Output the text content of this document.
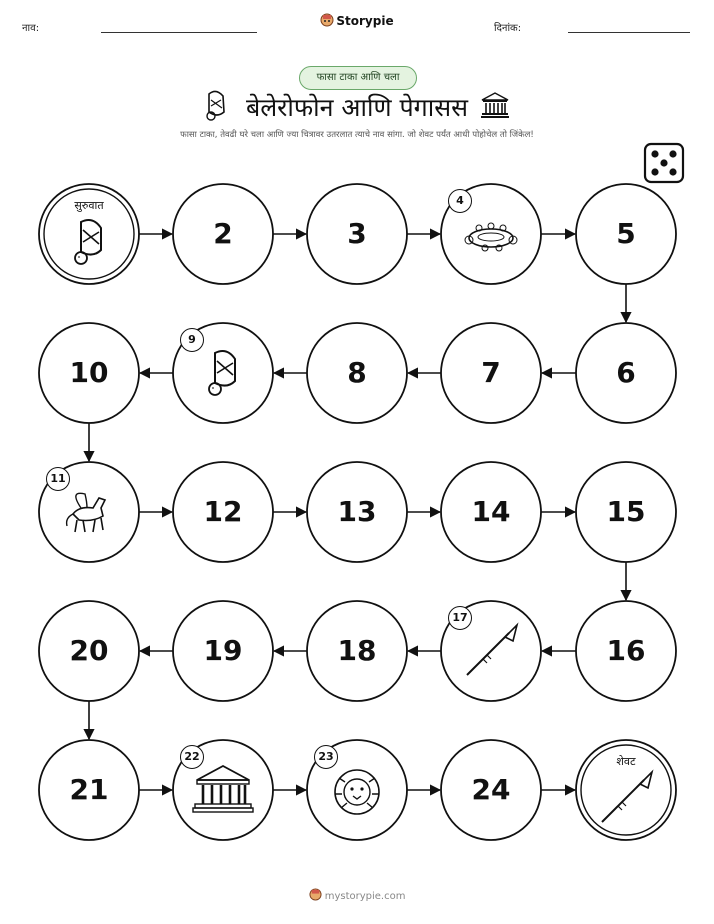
नाव:
Storypie
दिनांक:
फासा टाका आणि चला
बेलेरोफोन आणि पेगासस
फासा टाका, तेवढी घरे चला आणि ज्या चित्रावर उतरलात त्याचे नाव सांगा. जो शेवट पर्यंत आधी पोहोचेल तो जिंकेल!
सुरुवात
2	3
4
5
6
7
8
9
10
11
12	13	14	15
16
17
18
19
20
21
22	23
24
शेवट
mystorypie.com
